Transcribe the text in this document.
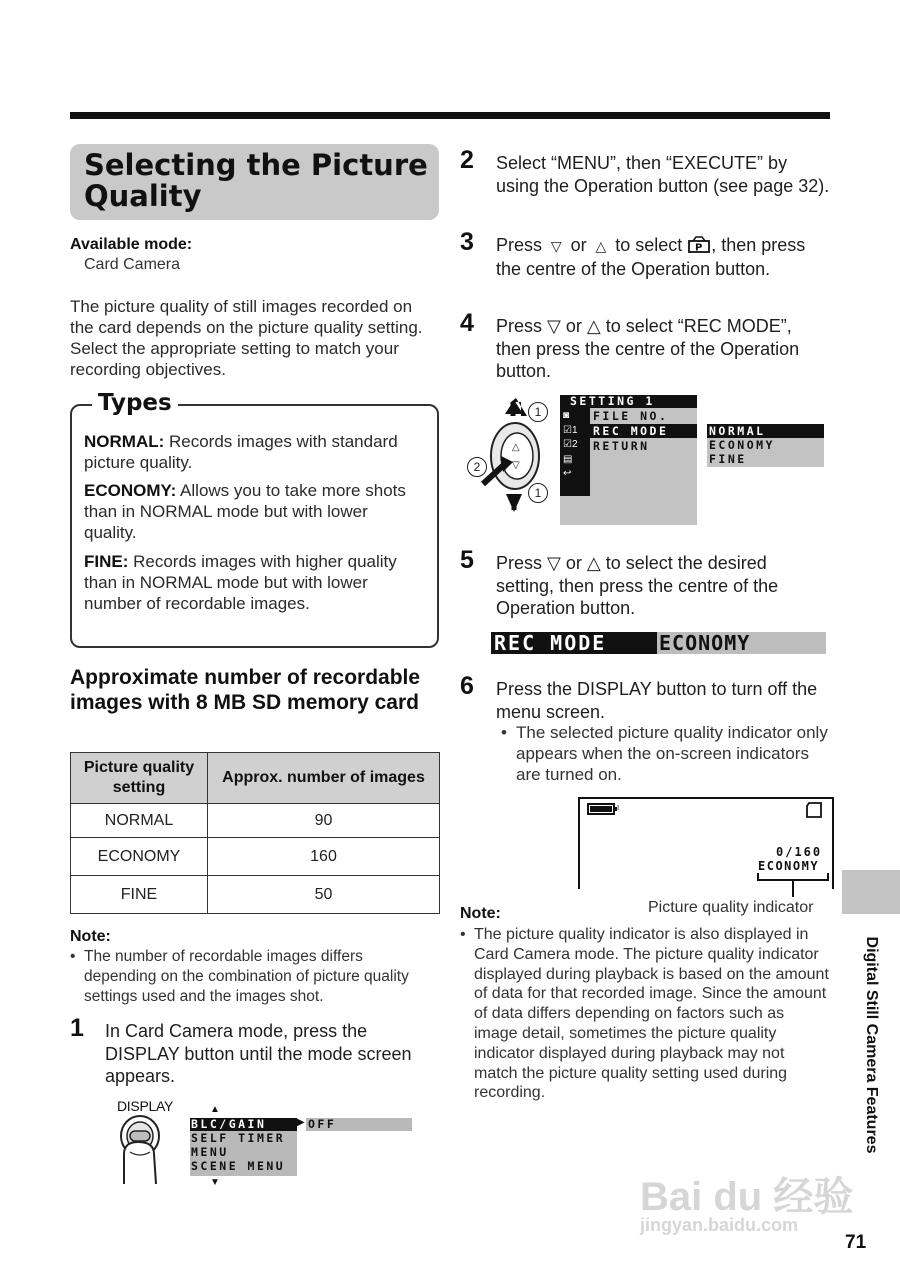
Selecting the Picture Quality
Available mode:
Card Camera
The picture quality of still images recorded on the card depends on the picture quality setting. Select the appropriate setting to match your recording objectives.
Types
NORMAL: Records images with standard picture quality.
ECONOMY: Allows you to take more shots than in NORMAL mode but with lower quality.
FINE: Records images with higher quality than in NORMAL mode but with lower number of recordable images.
Approximate number of recordable images with 8 MB SD memory card
Picture quality setting	Approx. number of images
NORMAL	90
ECONOMY	160
FINE	50
Note:
• The number of recordable images differs depending on the combination of picture quality settings used and the images shot.
1 In Card Camera mode, press the DISPLAY button until the mode screen appears.
DISPLAY	▲
▼
BLC/GAIN
SELF TIMER
MENU
SCENE MENU
▶ OFF
2 Select “MENU”, then “EXECUTE” by using the Operation button (see page 32).
3 Press  ▽  or  △  to select P , then press the centre of the Operation button.
4 Press ▽ or △ to select “REC MODE”, then press the centre of the Operation button.
△
▽
1
2
1
SETTING 1
◙
☑1
☑2
▤
↩
FILE NO.
REC MODE
RETURN
NORMAL
ECONOMY
FINE
5 Press ▽ or △ to select the desired setting, then press the centre of the Operation button.
REC MODE	ECONOMY
6 Press the DISPLAY button to turn off the menu screen.
• The selected picture quality indicator only appears when the on-screen indicators are turned on.
I
0/160
ECONOMY
Picture quality indicator
Note:
• The picture quality indicator is also displayed in Card Camera mode. The picture quality indicator displayed during playback is based on the amount of data for that recorded image. Since the amount of data differs depending on factors such as image detail, sometimes the picture quality indicator displayed during playback may not match the picture quality setting used during recording.	Digital Still Camera Features
Bai du 经验
jingyan.baidu.com
71
